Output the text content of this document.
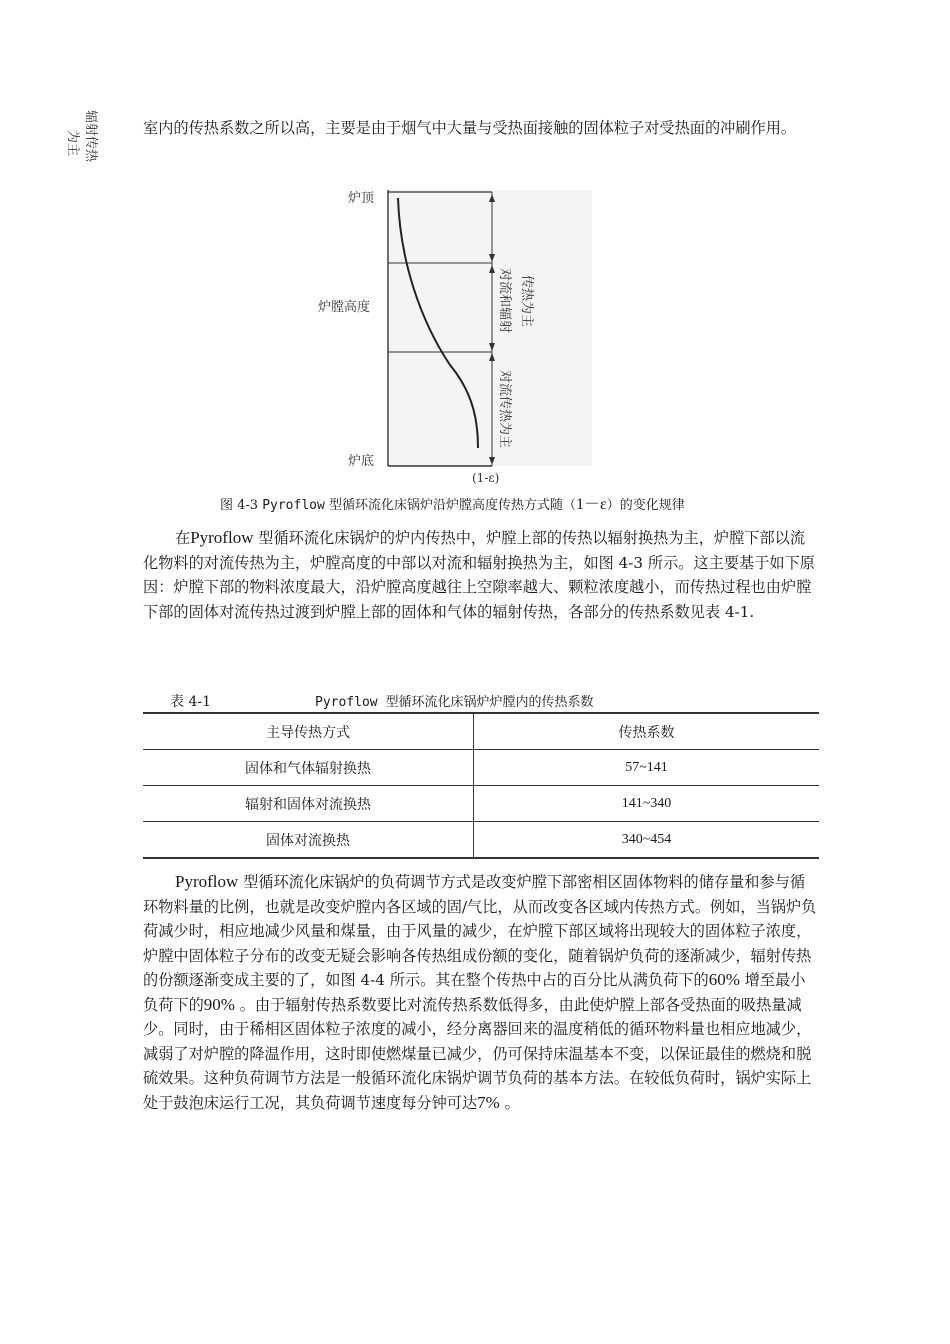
室内的传热系数之所以高，主要是由于烟气中大量与受热面接触的固体粒子对受热面的冲刷作用。
炉顶
炉膛高度
炉底
(1-ε)
辐射传热
为主
对流和辐射 传热为主
对流传热为主
图 4-3 Pyroflow 型循环流化床锅炉沿炉膛高度传热方式随（1－ε）的变化规律
在Pyroflow 型循环流化床锅炉的炉内传热中，炉膛上部的传热以辐射换热为主，炉膛下部以流化物料的对流传热为主，炉膛高度的中部以对流和辐射换热为主，如图 4-3 所示。这主要基于如下原因：炉膛下部的物料浓度最大，沿炉膛高度越往上空隙率越大、颗粒浓度越小，而传热过程也由炉膛下部的固体对流传热过渡到炉膛上部的固体和气体的辐射传热，各部分的传热系数见表 4-1.
表 4-1	Pyroflow 型循环流化床锅炉炉膛内的传热系数
主导传热方式	传热系数
固体和气体辐射换热	57~141
辐射和固体对流换热	141~340
固体对流换热	340~454
Pyroflow 型循环流化床锅炉的负荷调节方式是改变炉膛下部密相区固体物料的储存量和参与循环物料量的比例，也就是改变炉膛内各区域的固/气比，从而改变各区域内传热方式。例如，当锅炉负荷减少时，相应地减少风量和煤量，由于风量的减少，在炉膛下部区域将出现较大的固体粒子浓度，炉膛中固体粒子分布的改变无疑会影响各传热组成份额的变化，随着锅炉负荷的逐渐减少，辐射传热的份额逐渐变成主要的了，如图 4-4 所示。其在整个传热中占的百分比从满负荷下的60% 增至最小负荷下的90% 。由于辐射传热系数要比对流传热系数低得多，由此使炉膛上部各受热面的吸热量减少。同时，由于稀相区固体粒子浓度的减小，经分离器回来的温度稍低的循环物料量也相应地减少，减弱了对炉膛的降温作用，这时即使燃煤量已减少，仍可保持床温基本不变，以保证最佳的燃烧和脱硫效果。这种负荷调节方法是一般循环流化床锅炉调节负荷的基本方法。在较低负荷时，锅炉实际上处于鼓泡床运行工况，其负荷调节速度每分钟可达7% 。
